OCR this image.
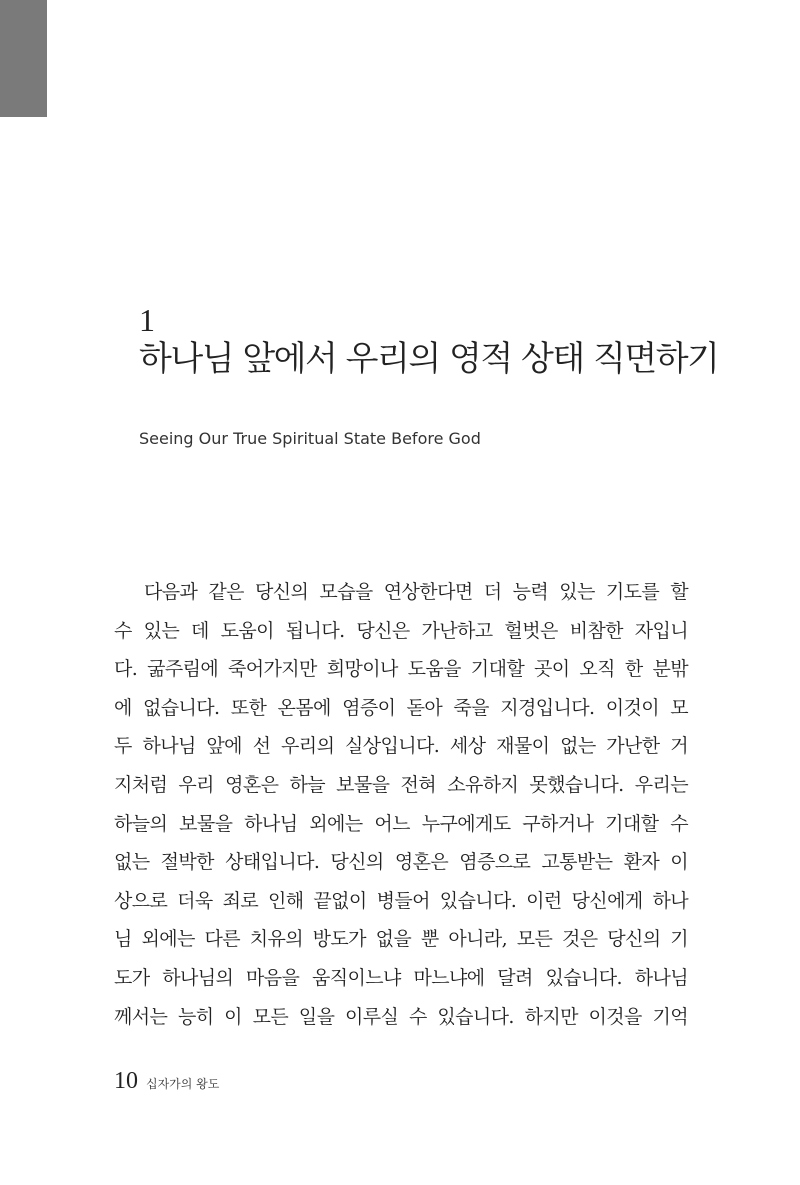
1
하나님 앞에서 우리의 영적 상태 직면하기
Seeing Our True Spiritual State Before God
다음과 같은 당신의 모습을 연상한다면 더 능력 있는 기도를 할
수 있는 데 도움이 됩니다. 당신은 가난하고 헐벗은 비참한 자입니
다. 굶주림에 죽어가지만 희망이나 도움을 기대할 곳이 오직 한 분밖
에 없습니다. 또한 온몸에 염증이 돋아 죽을 지경입니다. 이것이 모
두 하나님 앞에 선 우리의 실상입니다. 세상 재물이 없는 가난한 거
지처럼 우리 영혼은 하늘 보물을 전혀 소유하지 못했습니다. 우리는
하늘의 보물을 하나님 외에는 어느 누구에게도 구하거나 기대할 수
없는 절박한 상태입니다. 당신의 영혼은 염증으로 고통받는 환자 이
상으로 더욱 죄로 인해 끝없이 병들어 있습니다. 이런 당신에게 하나
님 외에는 다른 치유의 방도가 없을 뿐 아니라, 모든 것은 당신의 기
도가 하나님의 마음을 움직이느냐 마느냐에 달려 있습니다. 하나님
께서는 능히 이 모든 일을 이루실 수 있습니다. 하지만 이것을 기억
10 십자가의 왕도
